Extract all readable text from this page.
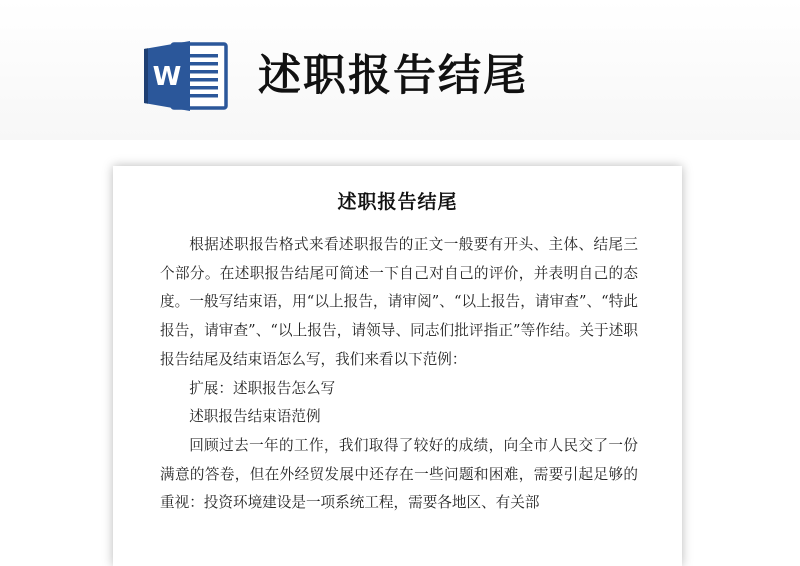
W 述职报告结尾
述职报告结尾

根据述职报告格式来看述职报告的正文一般要有开头、主体、结尾三个部分。在述职报告结尾可简述一下自己对自己的评价，并表明自己的态度。一般写结束语，用“以上报告，请审阅”、“以上报告，请审查”、“特此报告，请审查”、“以上报告，请领导、同志们批评指正”等作结。关于述职报告结尾及结束语怎么写，我们来看以下范例：

扩展：述职报告怎么写

述职报告结束语范例

回顾过去一年的工作，我们取得了较好的成绩，向全市人民交了一份满意的答卷，但在外经贸发展中还存在一些问题和困难，需要引起足够的重视：投资环境建设是一项系统工程，需要各地区、有关部
